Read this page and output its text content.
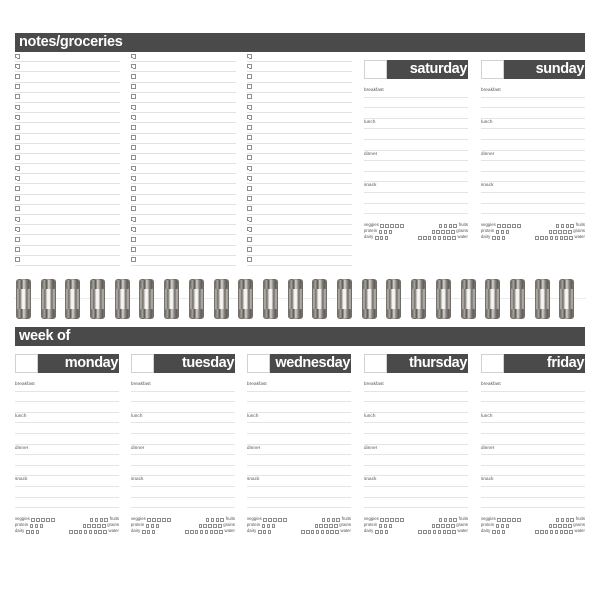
notes/groceries
saturday
breakfast
lunch
dinner
snack
veggies	fruits
protein	grains
dairy	water
sunday
breakfast
lunch
dinner
snack
veggies	fruits
protein	grains
dairy	water
week of
monday
breakfast
lunch
dinner
snack
veggies	fruits
protein	grains
dairy	water
tuesday
breakfast
lunch
dinner
snack
veggies	fruits
protein	grains
dairy	water
wednesday
breakfast
lunch
dinner
snack
veggies	fruits
protein	grains
dairy	water
thursday
breakfast
lunch
dinner
snack
veggies	fruits
protein	grains
dairy	water
friday
breakfast
lunch
dinner
snack
veggies	fruits
protein	grains
dairy	water
